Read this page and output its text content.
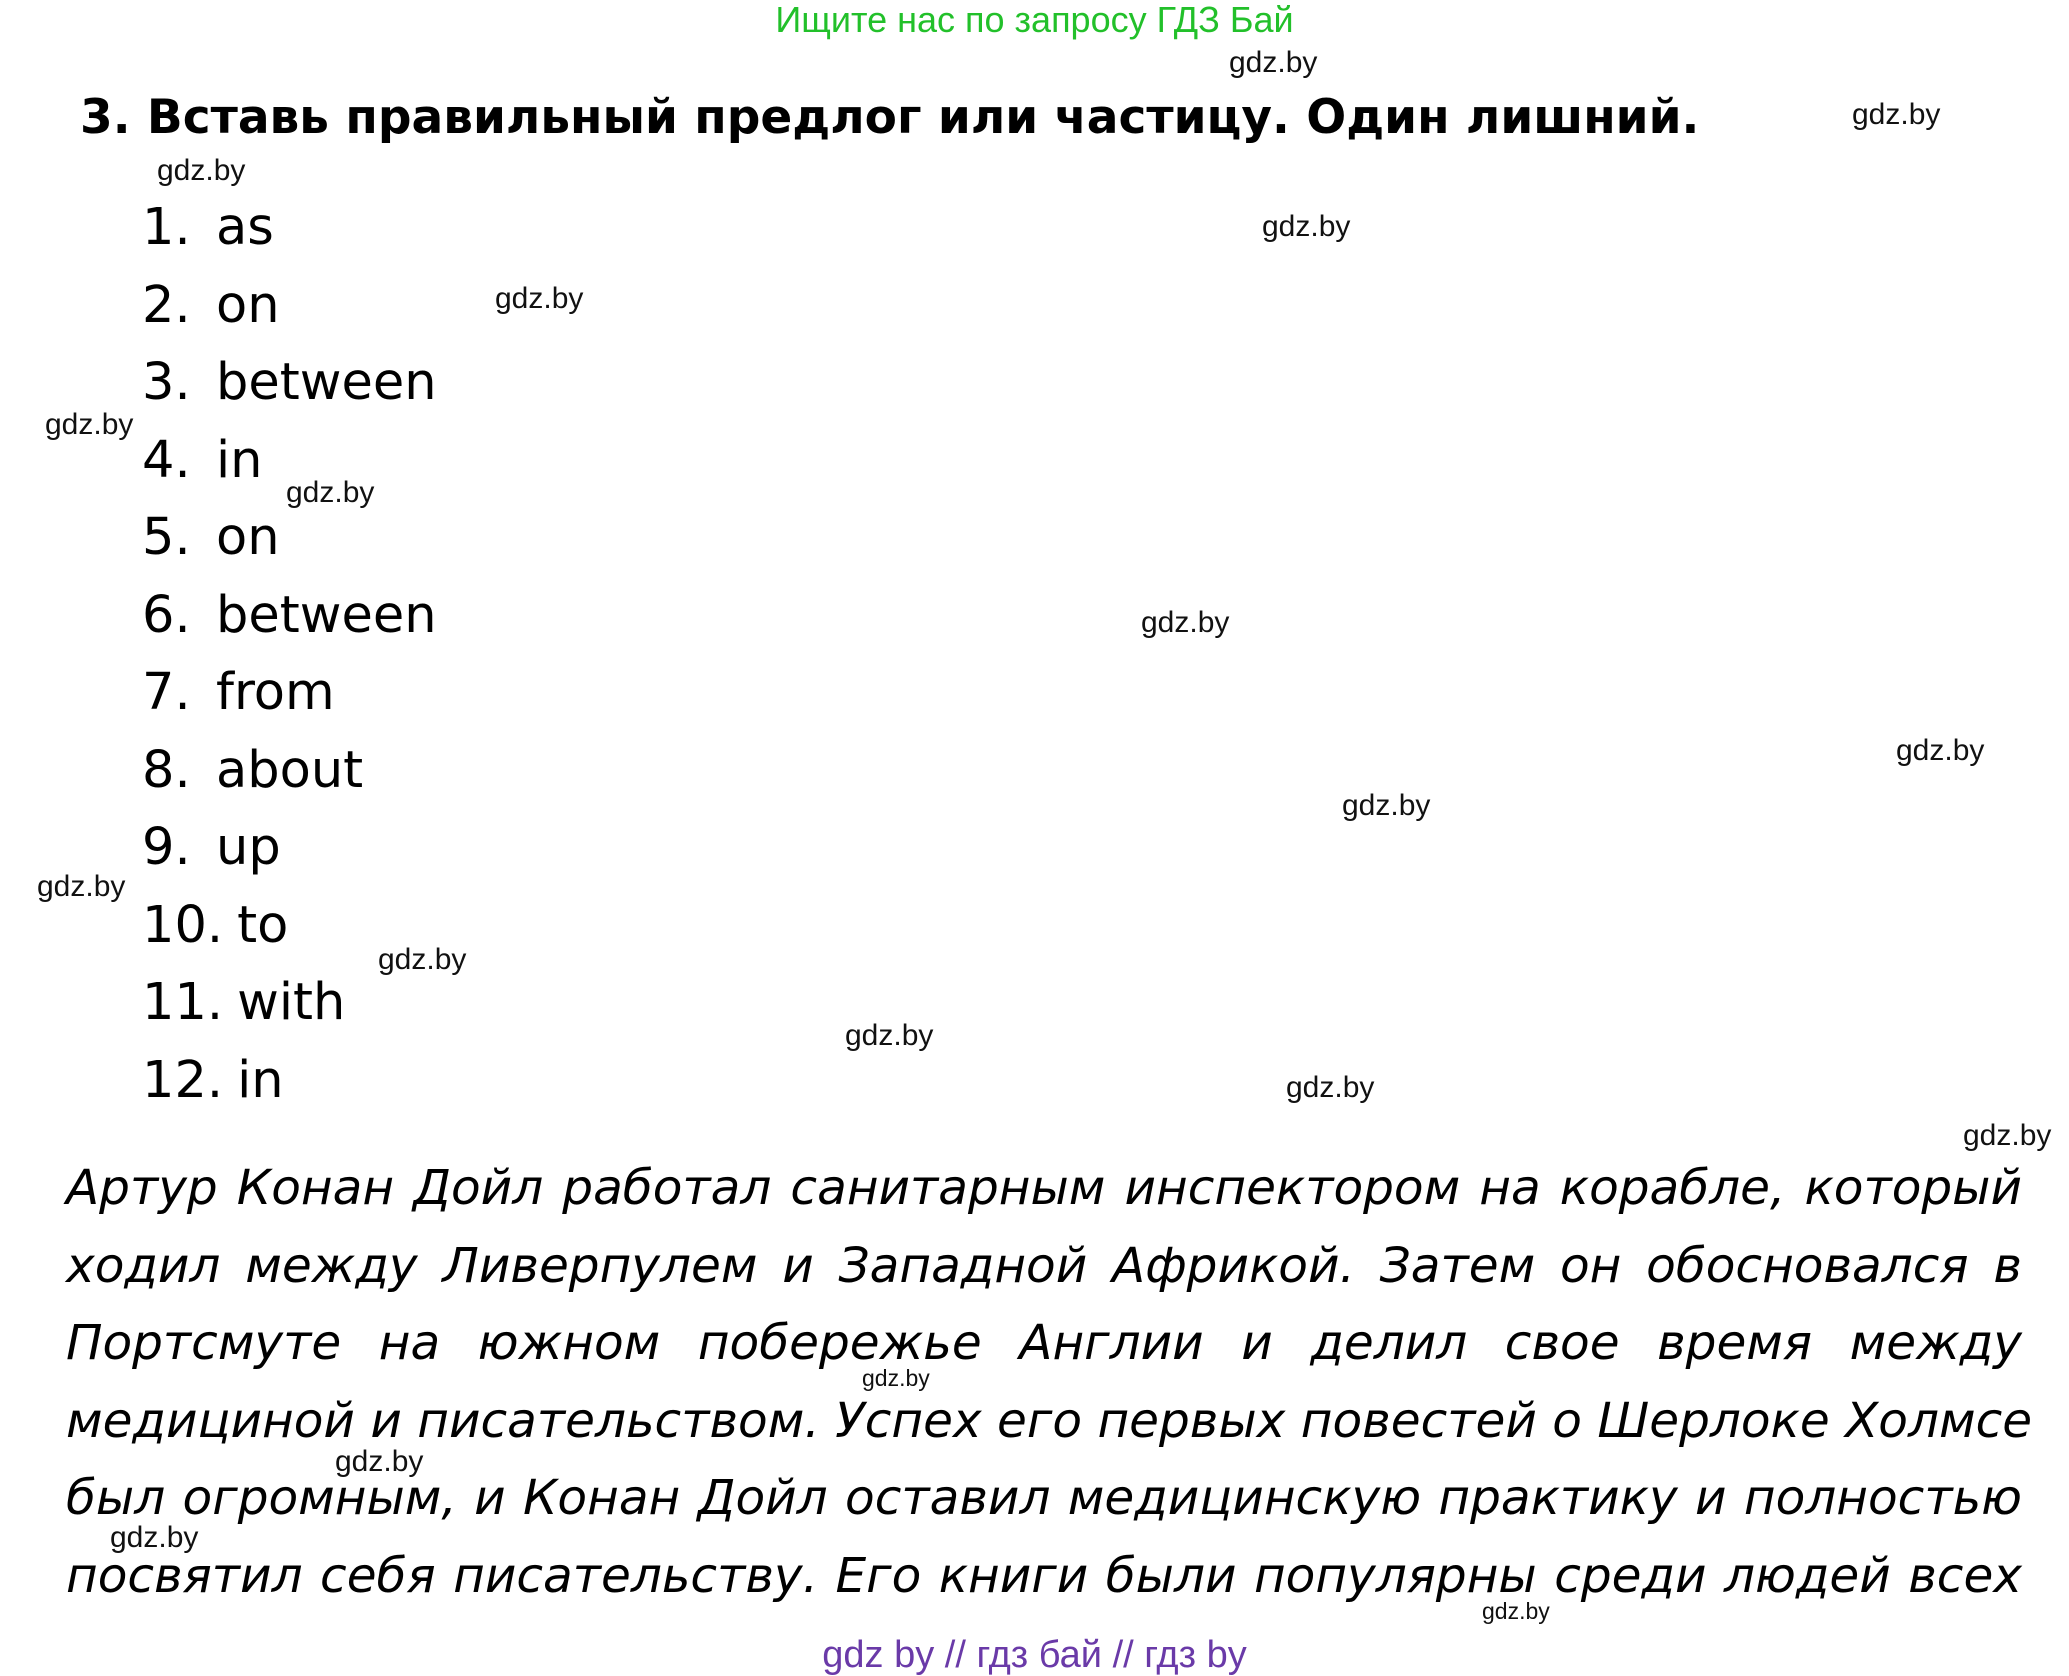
Ищите нас по запросу ГДЗ Бай
3. Вставь правильный предлог или частицу. Один лишний.
1. as
2. on
3. between
4. in
5. on
6. between
7. from
8. about
9. up
10. to
11. with
12. in
Артур Конан Дойл работал санитарным инспектором на корабле, который
ходил между Ливерпулем и Западной Африкой. Затем он обосновался в
Портсмуте на южном побережье Англии и делил свое время между
медициной и писательством. Успех его первых повестей о Шерлоке Холмсе
был огромным, и Конан Дойл оставил медицинскую практику и полностью
посвятил себя писательству. Его книги были популярны среди людей всех
gdz.by
gdz.by
gdz.by
gdz.by
gdz.by
gdz.by
gdz.by
gdz.by
gdz.by
gdz.by
gdz.by
gdz.by
gdz.by
gdz.by
gdz.by
gdz.by
gdz.by
gdz.by
gdz.by
gdz by // гдз бай // гдз by
